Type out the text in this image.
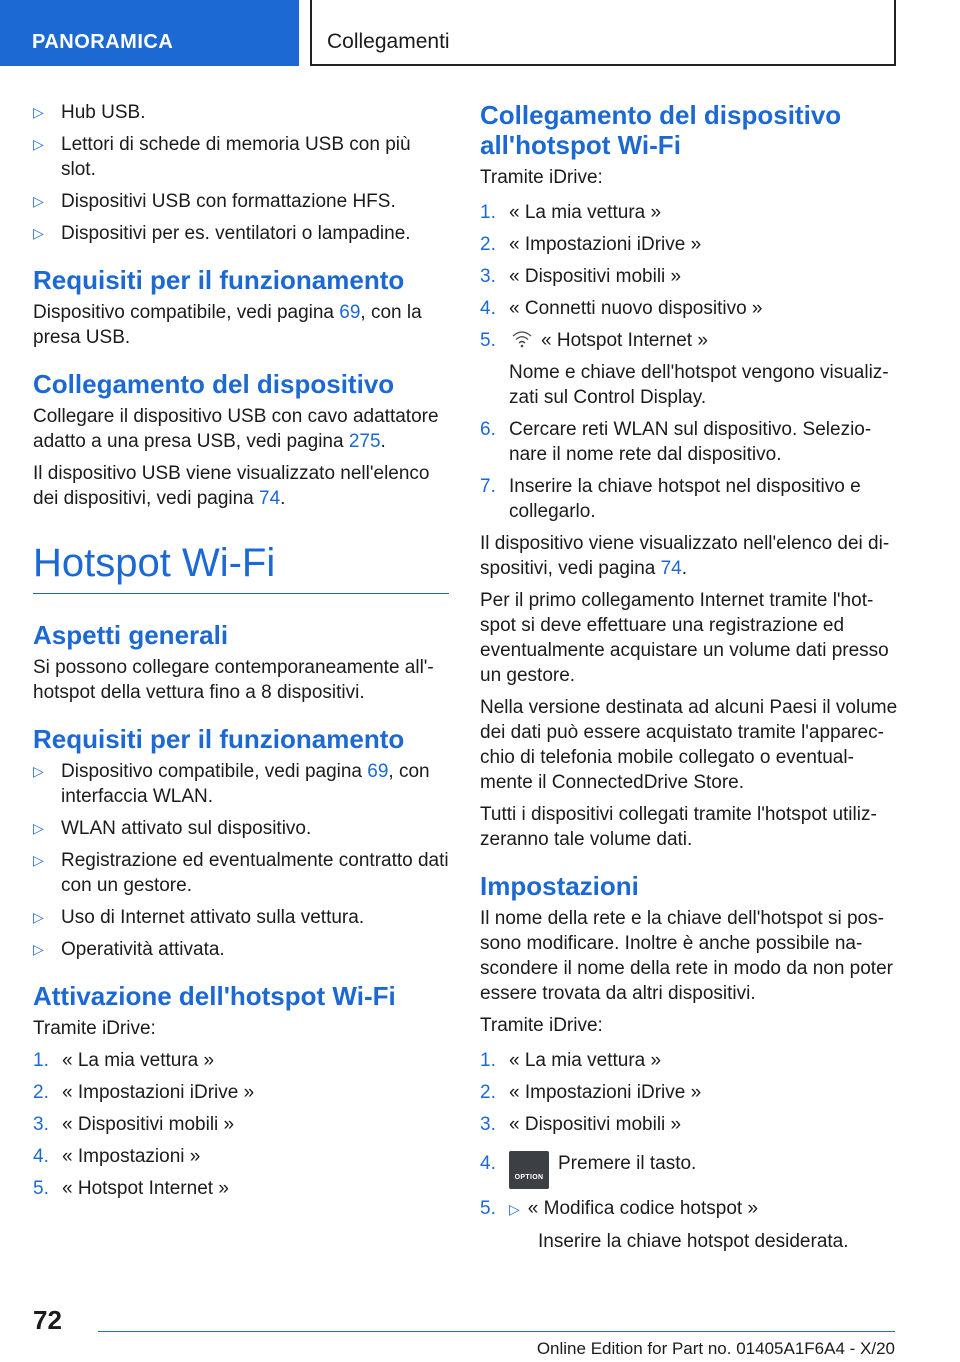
PANORAMICA	Collegamenti
▷ Hub USB.
▷ Lettori di schede di memoria USB con più slot.
▷ Dispositivi USB con formattazione HFS.
▷ Dispositivi per es. ventilatori o lampadine.
Requisiti per il funzionamento
Dispositivo compatibile, vedi pagina 69, con la presa USB.
Collegamento del dispositivo
Collegare il dispositivo USB con cavo adattatore adatto a una presa USB, vedi pagina 275.
Il dispositivo USB viene visualizzato nell'elenco dei dispositivi, vedi pagina 74.
Hotspot Wi-Fi
Aspetti generali
Si possono collegare contemporaneamente all'-hotspot della vettura fino a 8 dispositivi.
Requisiti per il funzionamento
▷ Dispositivo compatibile, vedi pagina 69, con interfaccia WLAN.
▷ WLAN attivato sul dispositivo.
▷ Registrazione ed eventualmente contratto dati con un gestore.
▷ Uso di Internet attivato sulla vettura.
▷ Operatività attivata.
Attivazione dell'hotspot Wi-Fi
Tramite iDrive:
1. « La mia vettura »
2. « Impostazioni iDrive »
3. « Dispositivi mobili »
4. « Impostazioni »
5. « Hotspot Internet »
Collegamento del dispositivo all'hotspot Wi-Fi
Tramite iDrive:
1. « La mia vettura »
2. « Impostazioni iDrive »
3. « Dispositivi mobili »
4. « Connetti nuovo dispositivo »
5. « Hotspot Internet »
Nome e chiave dell'hotspot vengono visualiz-zati sul Control Display.
6. Cercare reti WLAN sul dispositivo. Selezio-nare il nome rete dal dispositivo.
7. Inserire la chiave hotspot nel dispositivo e collegarlo.
Il dispositivo viene visualizzato nell'elenco dei di-spositivi, vedi pagina 74.
Per il primo collegamento Internet tramite l'hot-spot si deve effettuare una registrazione ed eventualmente acquistare un volume dati presso un gestore.
Nella versione destinata ad alcuni Paesi il volume dei dati può essere acquistato tramite l'apparec-chio di telefonia mobile collegato o eventual-mente il ConnectedDrive Store.
Tutti i dispositivi collegati tramite l'hotspot utiliz-zeranno tale volume dati.
Impostazioni
Il nome della rete e la chiave dell'hotspot si pos-sono modificare. Inoltre è anche possibile na-scondere il nome della rete in modo da non poter essere trovata da altri dispositivi.
Tramite iDrive:
1. « La mia vettura »
2. « Impostazioni iDrive »
3. « Dispositivi mobili »
4.
OPTIONPremere il tasto.
5. ▷ « Modifica codice hotspot »
Inserire la chiave hotspot desiderata.
72
Online Edition for Part no. 01405A1F6A4 - X/20
